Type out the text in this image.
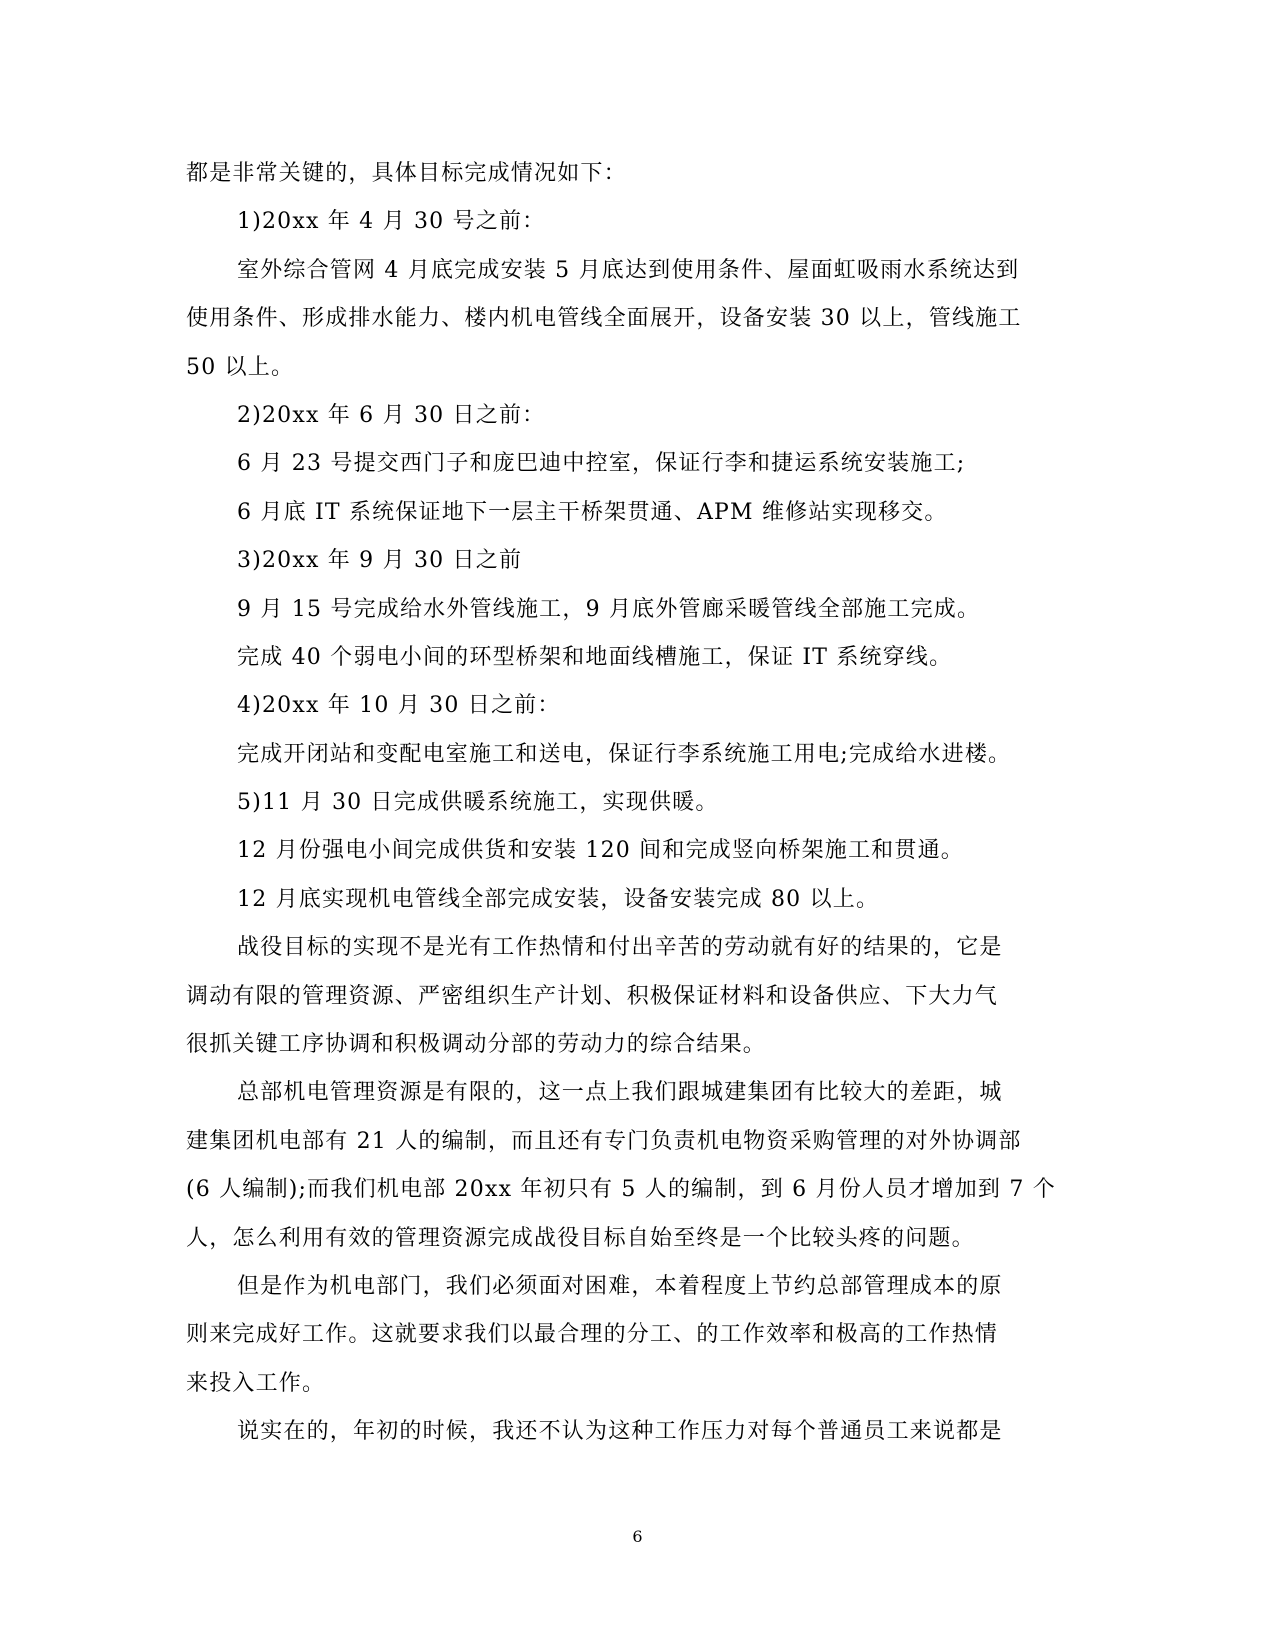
都是非常关键的，具体目标完成情况如下：
1)20xx 年 4 月 30 号之前：
室外综合管网 4 月底完成安装 5 月底达到使用条件、屋面虹吸雨水系统达到
使用条件、形成排水能力、楼内机电管线全面展开，设备安装 30 以上，管线施工
50 以上。
2)20xx 年 6 月 30 日之前：
6 月 23 号提交西门子和庞巴迪中控室，保证行李和捷运系统安装施工;
6 月底 IT 系统保证地下一层主干桥架贯通、APM 维修站实现移交。
3)20xx 年 9 月 30 日之前
9 月 15 号完成给水外管线施工，9 月底外管廊采暖管线全部施工完成。
完成 40 个弱电小间的环型桥架和地面线槽施工，保证 IT 系统穿线。
4)20xx 年 10 月 30 日之前：
完成开闭站和变配电室施工和送电，保证行李系统施工用电;完成给水进楼。
5)11 月 30 日完成供暖系统施工，实现供暖。
12 月份强电小间完成供货和安装 120 间和完成竖向桥架施工和贯通。
12 月底实现机电管线全部完成安装，设备安装完成 80 以上。
战役目标的实现不是光有工作热情和付出辛苦的劳动就有好的结果的，它是
调动有限的管理资源、严密组织生产计划、积极保证材料和设备供应、下大力气
很抓关键工序协调和积极调动分部的劳动力的综合结果。
总部机电管理资源是有限的，这一点上我们跟城建集团有比较大的差距，城
建集团机电部有 21 人的编制，而且还有专门负责机电物资采购管理的对外协调部
(6 人编制);而我们机电部 20xx 年初只有 5 人的编制，到 6 月份人员才增加到 7 个
人，怎么利用有效的管理资源完成战役目标自始至终是一个比较头疼的问题。
但是作为机电部门，我们必须面对困难，本着程度上节约总部管理成本的原
则来完成好工作。这就要求我们以最合理的分工、的工作效率和极高的工作热情
来投入工作。
说实在的，年初的时候，我还不认为这种工作压力对每个普通员工来说都是
6
